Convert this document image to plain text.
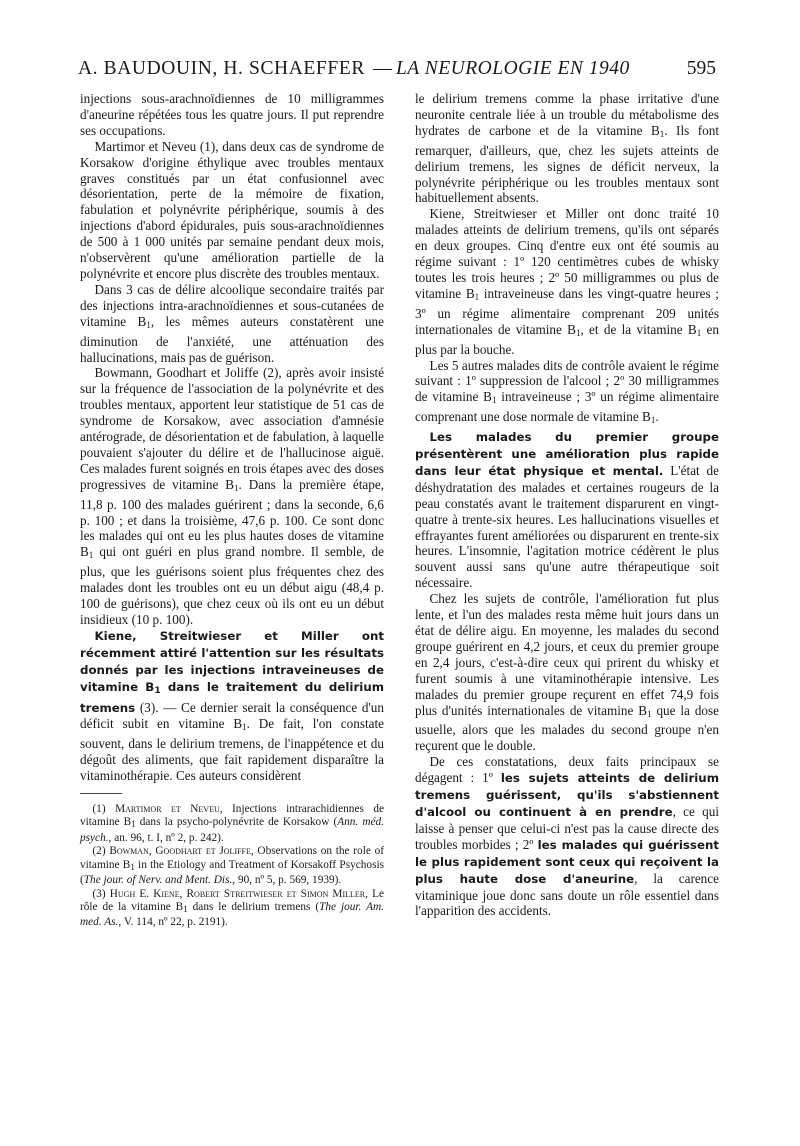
A. BAUDOUIN, H. SCHAEFFER — LA NEUROLOGIE EN 1940	595

injections sous-arachnoïdiennes de 10 milligrammes d'aneurine répétées tous les quatre jours. Il put reprendre ses occupations.

Martimor et Neveu (1), dans deux cas de syndrome de Korsakow d'origine éthylique avec troubles mentaux graves constitués par un état confusionnel avec désorientation, perte de la mémoire de fixation, fabulation et polynévrite périphérique, soumis à des injections d'abord épidurales, puis sous-arachnoïdiennes de 500 à 1 000 unités par semaine pendant deux mois, n'observèrent qu'une amélioration partielle de la polynévrite et encore plus discrète des troubles mentaux.

Dans 3 cas de délire alcoolique secondaire traités par des injections intra-arachnoïdiennes et sous-cutanées de vitamine $B_1$, les mêmes auteurs constatèrent une diminution de l'anxiété, une atténuation des hallucinations, mais pas de guérison.

Bowmann, Goodhart et Joliffe (2), après avoir insisté sur la fréquence de l'association de la polynévrite et des troubles mentaux, apportent leur statistique de 51 cas de syndrome de Korsakow, avec association d'amnésie antérograde, de désorientation et de fabulation, à laquelle pouvaient s'ajouter du délire et de l'hallucinose aiguë. Ces malades furent soignés en trois étapes avec des doses progressives de vitamine $B_1$. Dans la première étape, 11,8 p. 100 des malades guérirent ; dans la seconde, 6,6 p. 100 ; et dans la troisième, 47,6 p. 100. Ce sont donc les malades qui ont eu les plus hautes doses de vitamine $B_1$ qui ont guéri en plus grand nombre. Il semble, de plus, que les guérisons soient plus fréquentes chez des malades dont les troubles ont eu un début aigu (48,4 p. 100 de guérisons), que chez ceux où ils ont eu un début insidieux (10 p. 100).

Kiene, Streitwieser et Miller ont récemment attiré l'attention sur les résultats donnés par les injections intraveineuses de vitamine $B_1$ dans le traitement du delirium tremens (3). — Ce dernier serait la conséquence d'un déficit subit en vitamine $B_1$. De fait, l'on constate souvent, dans le delirium tremens, de l'inappétence et du dégoût des aliments, que fait rapidement disparaître la vitaminothérapie. Ces auteurs considèrent

(1) Martimor et Neveu, Injections intrarachidiennes de vitamine $B_1$ dans la psycho-polynévrite de Korsakow (Ann. méd. psych., an. 96, t. I, nº 2, p. 242).

(2) Bowman, Goodhart et Joliffe, Observations on the role of vitamine $B_1$ in the Etiology and Treatment of Korsakoff Psychosis (The jour. of Nerv. and Ment. Dis., 90, nº 5, p. 569, 1939).

(3) Hugh E. Kiene, Robert Streitwieser et Simon Miller, Le rôle de la vitamine $B_1$ dans le delirium tremens (The jour. Am. med. As., V. 114, nº 22, p. 2191).

le delirium tremens comme la phase irritative d'une neuronite centrale liée à un trouble du métabolisme des hydrates de carbone et de la vitamine $B_1$. Ils font remarquer, d'ailleurs, que, chez les sujets atteints de delirium tremens, les signes de déficit nerveux, la polynévrite périphérique ou les troubles mentaux sont habituellement absents.

Kiene, Streitwieser et Miller ont donc traité 10 malades atteints de delirium tremens, qu'ils ont séparés en deux groupes. Cinq d'entre eux ont été soumis au régime suivant : 1º 120 centimètres cubes de whisky toutes les trois heures ; 2º 50 milligrammes ou plus de vitamine $B_1$ intraveineuse dans les vingt-quatre heures ; 3º un régime alimentaire comprenant 209 unités internationales de vitamine $B_1$, et de la vitamine $B_1$ en plus par la bouche.

Les 5 autres malades dits de contrôle avaient le régime suivant : 1º suppression de l'alcool ; 2º 30 milligrammes de vitamine $B_1$ intraveineuse ; 3º un régime alimentaire comprenant une dose normale de vitamine $B_1$.

Les malades du premier groupe présentèrent une amélioration plus rapide dans leur état physique et mental. L'état de déshydratation des malades et certaines rougeurs de la peau constatés avant le traitement disparurent en vingt-quatre à trente-six heures. Les hallucinations visuelles et effrayantes furent améliorées ou disparurent en trente-six heures. L'insomnie, l'agitation motrice cédèrent le plus souvent aussi sans qu'une autre thérapeutique soit nécessaire.

Chez les sujets de contrôle, l'amélioration fut plus lente, et l'un des malades resta même huit jours dans un état de délire aigu. En moyenne, les malades du second groupe guérirent en 4,2 jours, et ceux du premier groupe en 2,4 jours, c'est-à-dire ceux qui prirent du whisky et furent soumis à une vitaminothérapie intensive. Les malades du premier groupe reçurent en effet 74,9 fois plus d'unités internationales de vitamine $B_1$ que la dose usuelle, alors que les malades du second groupe n'en reçurent que le double.

De ces constatations, deux faits principaux se dégagent : 1º les sujets atteints de delirium tremens guérissent, qu'ils s'abstiennent d'alcool ou continuent à en prendre, ce qui laisse à penser que celui-ci n'est pas la cause directe des troubles morbides ; 2º les malades qui guérissent le plus rapidement sont ceux qui reçoivent la plus haute dose d'aneurine, la carence vitaminique joue donc sans doute un rôle essentiel dans l'apparition des accidents.
